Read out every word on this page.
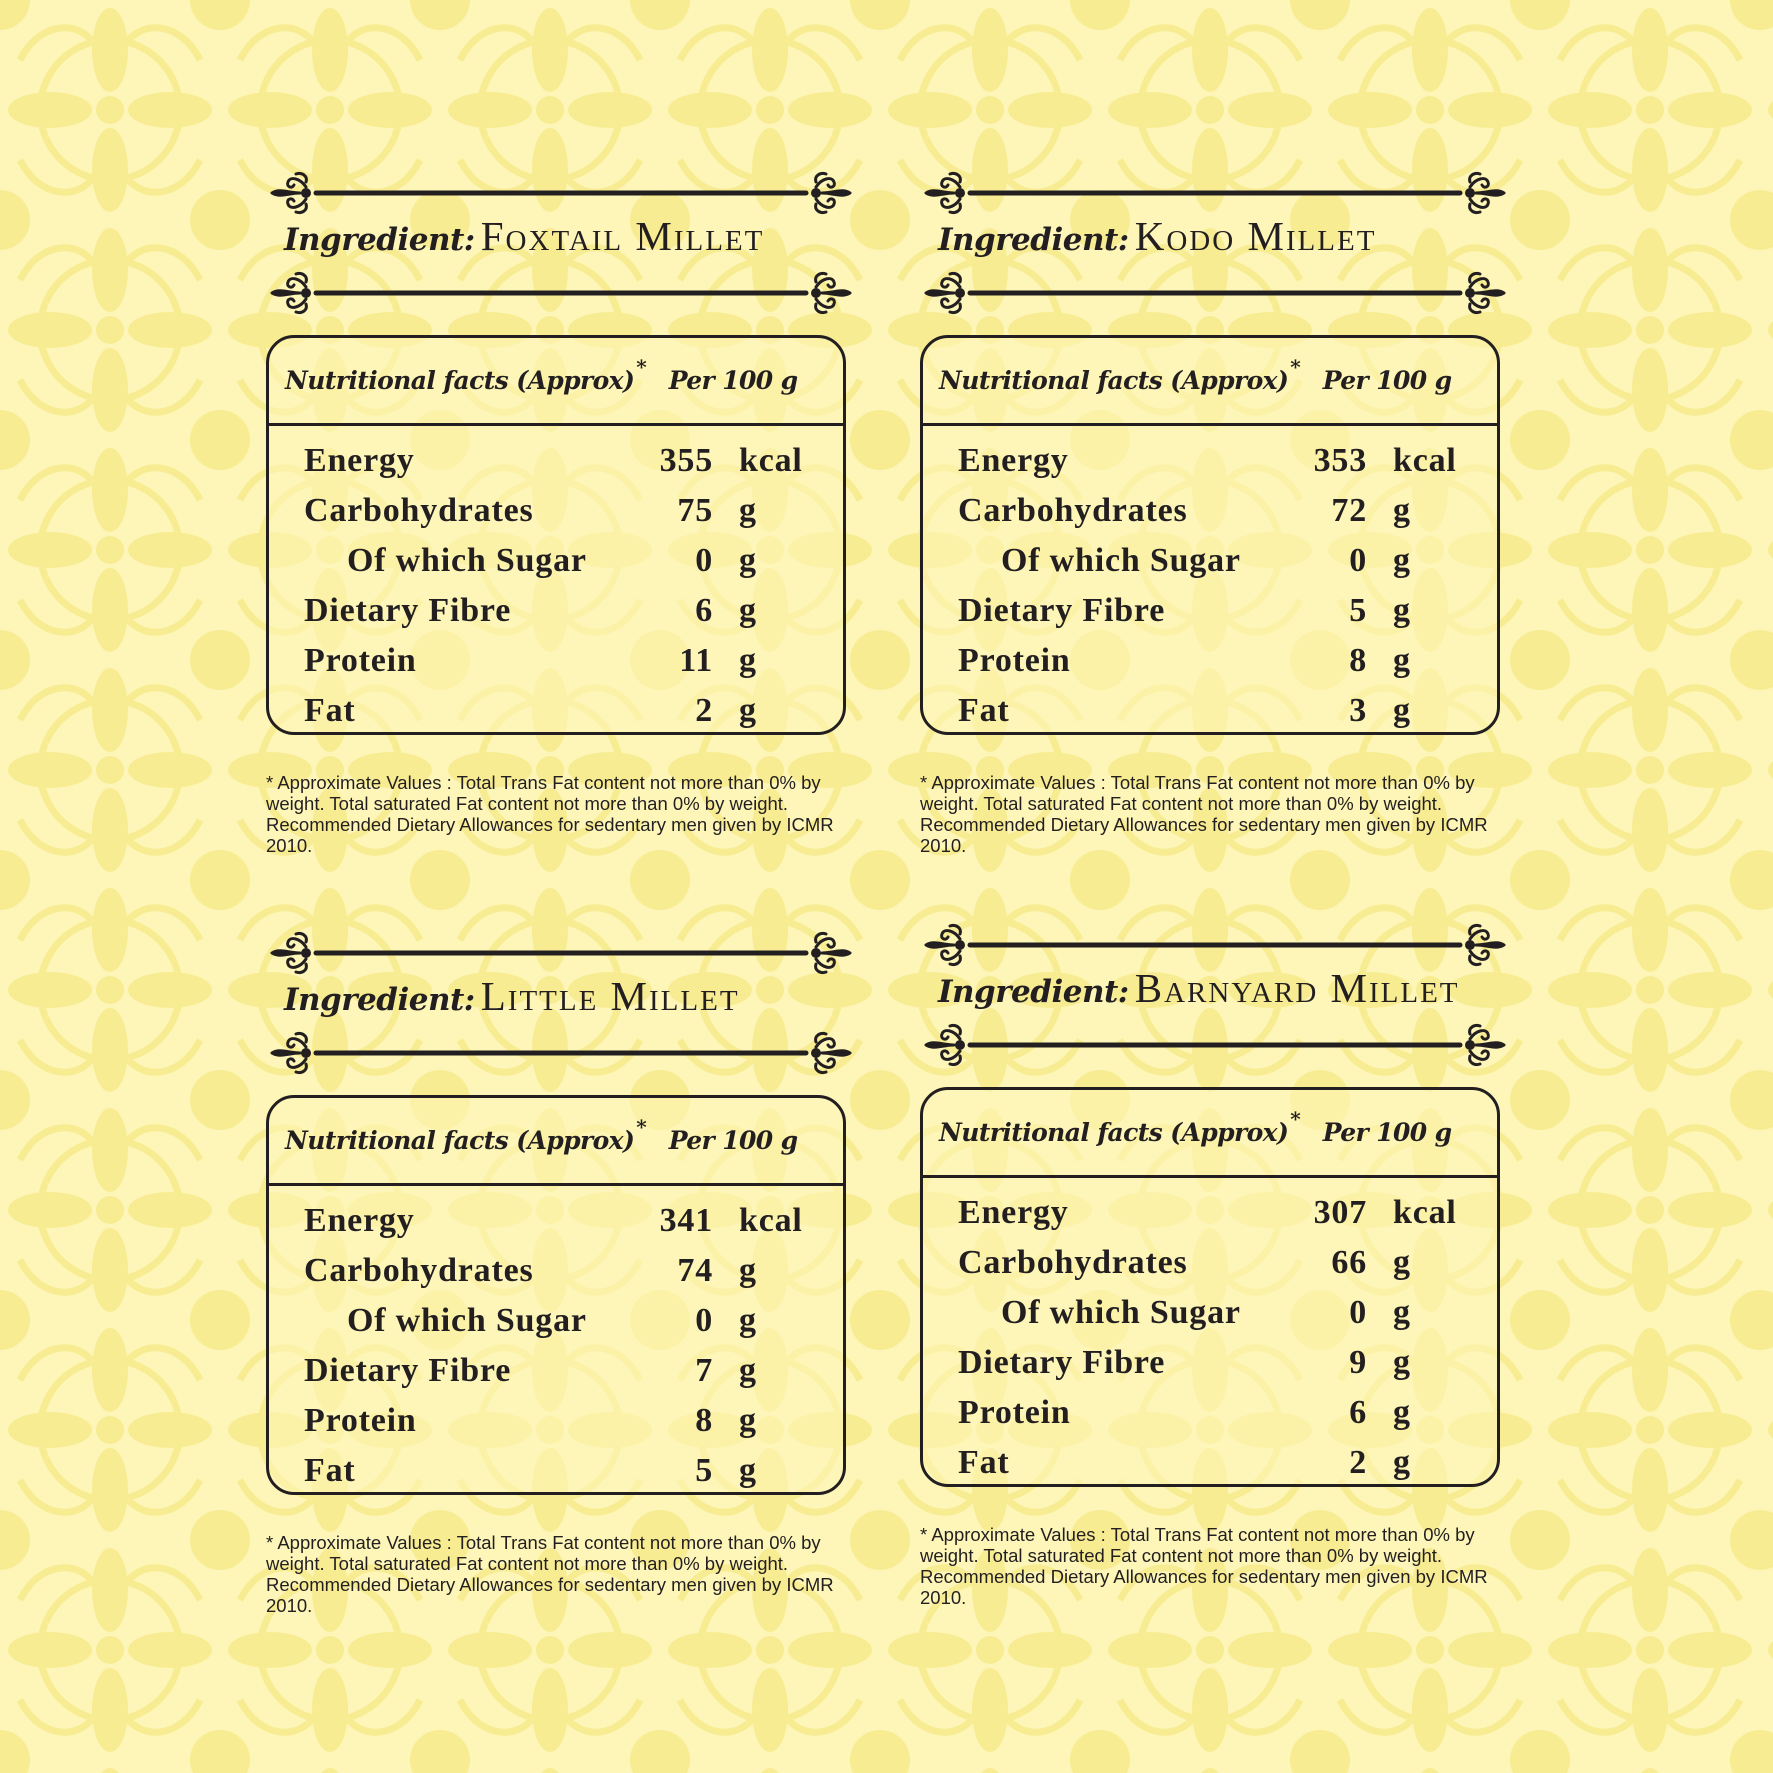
Ingredient: Foxtail Millet
Nutritional facts (Approx) * Per 100 g
Energy	355 kcal
Carbohydrates	75 g
Of which Sugar	0 g
Dietary Fibre	6 g
Protein	11 g
Fat	2 g
* Approximate Values : Total Trans Fat content not more than 0% by weight. Total saturated Fat content not more than 0% by weight. Recommended Dietary Allowances for sedentary men given by ICMR 2010.
Ingredient: Kodo Millet
Nutritional facts (Approx) * Per 100 g
Energy	353 kcal
Carbohydrates	72 g
Of which Sugar	0 g
Dietary Fibre	5 g
Protein	8 g
Fat	3 g
* Approximate Values : Total Trans Fat content not more than 0% by weight. Total saturated Fat content not more than 0% by weight. Recommended Dietary Allowances for sedentary men given by ICMR 2010.
Ingredient: Little Millet
Nutritional facts (Approx) * Per 100 g
Energy	341 kcal
Carbohydrates	74 g
Of which Sugar	0 g
Dietary Fibre	7 g
Protein	8 g
Fat	5 g
* Approximate Values : Total Trans Fat content not more than 0% by weight. Total saturated Fat content not more than 0% by weight. Recommended Dietary Allowances for sedentary men given by ICMR 2010.
Ingredient: Barnyard Millet
Nutritional facts (Approx) * Per 100 g
Energy	307 kcal
Carbohydrates	66 g
Of which Sugar	0 g
Dietary Fibre	9 g
Protein	6 g
Fat	2 g
* Approximate Values : Total Trans Fat content not more than 0% by weight. Total saturated Fat content not more than 0% by weight. Recommended Dietary Allowances for sedentary men given by ICMR 2010.
